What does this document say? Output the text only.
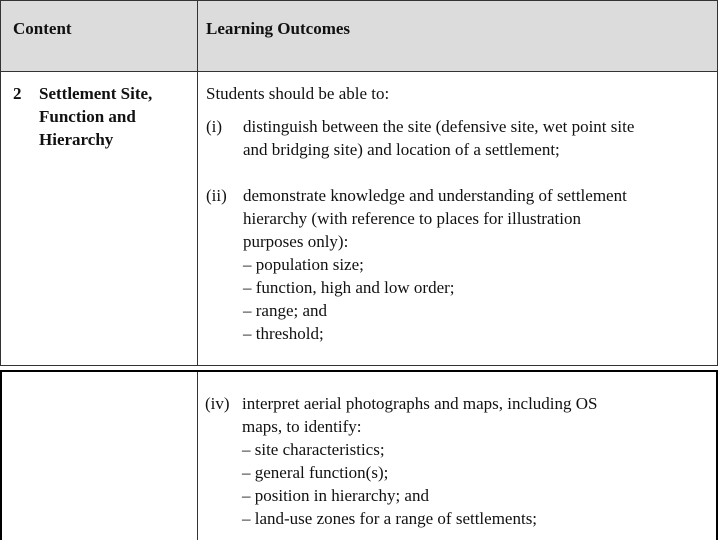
Content	Learning Outcomes
2 Settlement Site,
Function and
Hierarchy
Students should be able to:
(i) distinguish between the site (defensive site, wet point site
and bridging site) and location of a settlement;
(ii) demonstrate knowledge and understanding of settlement
hierarchy (with reference to places for illustration
purposes only):
– population size;
– function, high and low order;
– range; and
– threshold;
(iv) interpret aerial photographs and maps, including OS
maps, to identify:
– site characteristics;
– general function(s);
– position in hierarchy; and
– land-use zones for a range of settlements;
